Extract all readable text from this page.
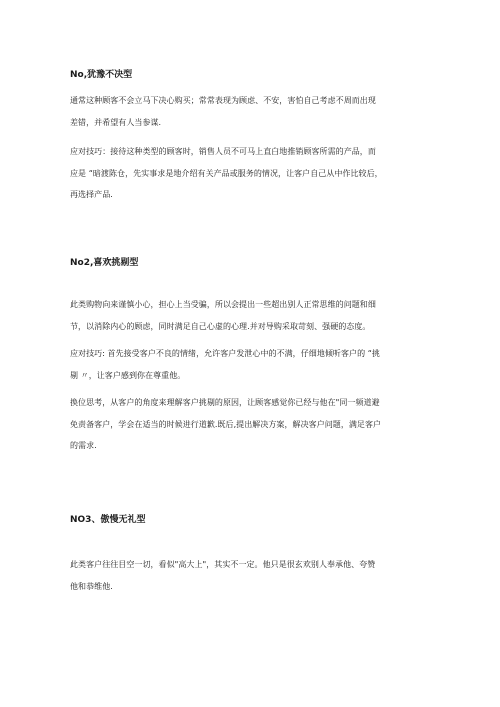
No,犹豫不决型
通常这种顾客不会立马下决心购买；常常表现为顾虑、不安，害怕自己考虑不周而出现
差错，并希望有人当参谋.
应对技巧：接待这种类型的顾客时，销售人员不可马上直白地推销顾客所需的产品，而
应是 “暗渡陈仓，先实事求是地介绍有关产品或服务的情况，让客户自己从中作比较后，
再选择产品.
No2,喜欢挑剔型
此类购物向来谨慎小心，担心上当受骗，所以会提出一些超出别人正常思维的问题和细
节，以消除内心的顾虑，同时满足自己心虚的心理.并对导购采取苛刻、强硬的态度。
应对技巧: 首先接受客户不良的情绪，允许客户发泄心中的不满，仔细地倾听客户的 “挑
剔 〃，让客户感到你在尊重他。
换位思考，从客户的角度来理解客户挑剔的原因，让顾客感觉你已经与他在"同一频道避
免责备客户，学会在适当的时候进行道歉.既后,提出解决方案，解决客户问题，满足客户
的需求.
NO3、傲慢无礼型
此类客户往往目空一切，看似"高大上"，其实不一定。他只是很玄欢别人奉承他、夸赞
他和恭维他.
